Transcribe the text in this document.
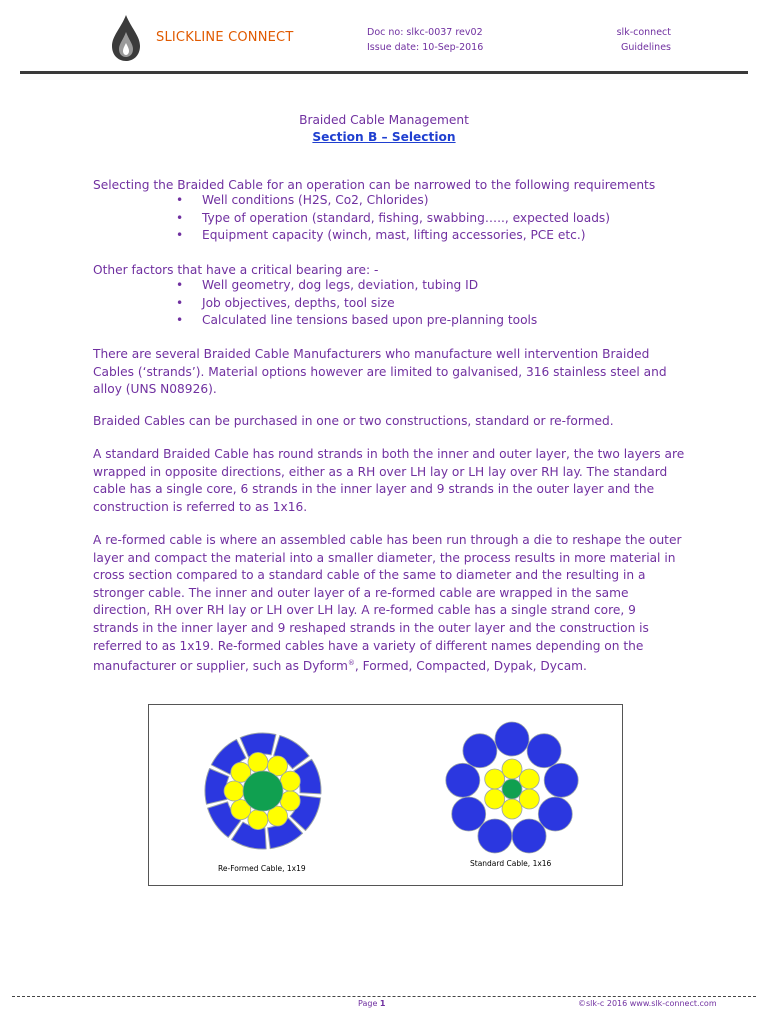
SLICKLINE CONNECT	Doc no: slkc-0037 rev02
Issue date: 10-Sep-2016
slk-connect
Guidelines
Braided Cable Management
Section B – Selection

Selecting the Braided Cable for an operation can be narrowed to the following requirements

• Well conditions (H2S, Co2, Chlorides)
• Type of operation (standard, fishing, swabbing….., expected loads)
• Equipment capacity (winch, mast, lifting accessories, PCE etc.)

Other factors that have a critical bearing are: -

• Well geometry, dog legs, deviation, tubing ID
• Job objectives, depths, tool size
• Calculated line tensions based upon pre-planning tools

There are several Braided Cable Manufacturers who manufacture well intervention Braided Cables (‘strands’). Material options however are limited to galvanised, 316 stainless steel and alloy (UNS N08926).

Braided Cables can be purchased in one or two constructions, standard or re-formed.

A standard Braided Cable has round strands in both the inner and outer layer, the two layers are wrapped in opposite directions, either as a RH over LH lay or LH lay over RH lay. The standard cable has a single core, 6 strands in the inner layer and 9 strands in the outer layer and the construction is referred to as 1x16.

A re-formed cable is where an assembled cable has been run through a die to reshape the outer layer and compact the material into a smaller diameter, the process results in more material in cross section compared to a standard cable of the same to diameter and the resulting in a stronger cable. The inner and outer layer of a re-formed cable are wrapped in the same direction, RH over RH lay or LH over LH lay. A re-formed cable has a single strand core, 9 strands in the inner layer and 9 reshaped strands in the outer layer and the construction is referred to as 1x19. Re-formed cables have a variety of different names depending on the manufacturer or supplier, such as Dyform®, Formed, Compacted, Dypak, Dycam.

Re-Formed Cable, 1x19
Standard Cable, 1x16
Page 1	©slk-c 2016 www.slk-connect.com
